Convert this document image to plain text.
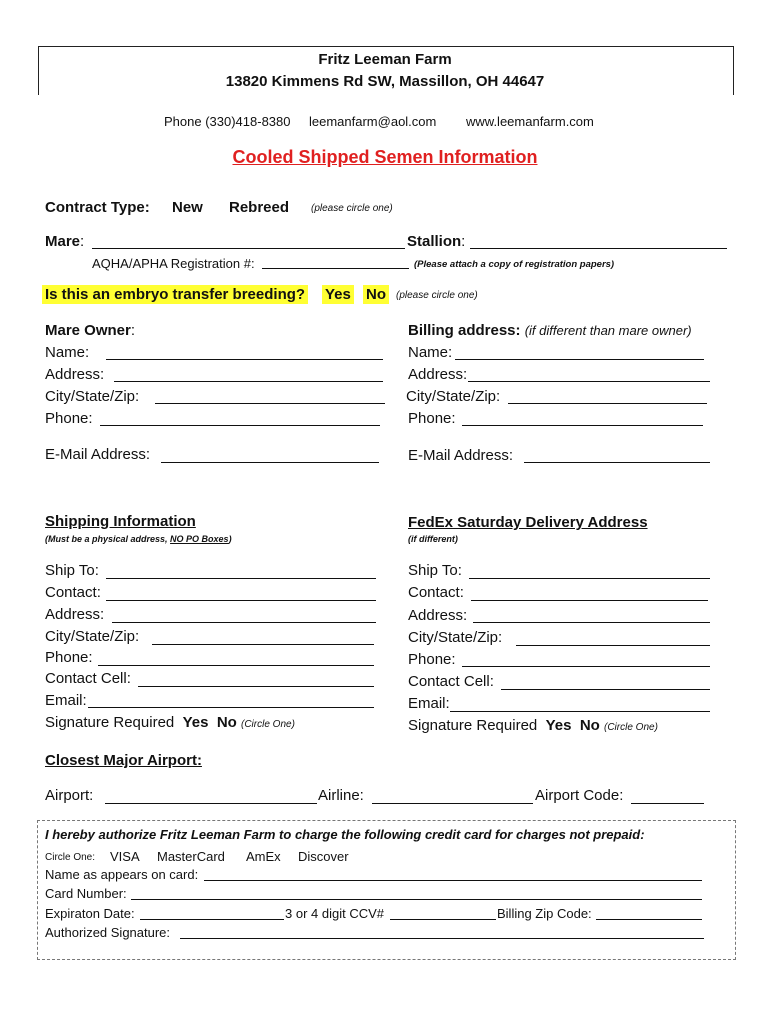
Fritz Leeman Farm
13820 Kimmens Rd SW, Massillon, OH 44647
Phone (330)418-8380 leemanfarm@aol.com www.leemanfarm.com
Cooled Shipped Semen Information
Contract Type: New Rebreed (please circle one)
Mare:	Stallion:
AQHA/APHA Registration #:	(Please attach a copy of registration papers)
Is this an embryo transfer breeding? Yes No	(please circle one)
Mare Owner:
Name:
Address:
City/State/Zip:
Phone:
E-Mail Address:
Billing address: (if different than mare owner)
Name:
Address:
City/State/Zip:
Phone:
E-Mail Address:
Shipping Information
(Must be a physical address, NO PO Boxes)
Ship To:
Contact:
Address:
City/State/Zip:
Phone:
Contact Cell:
Email:
Signature Required Yes No (Circle One)
FedEx Saturday Delivery Address
(if different)
Ship To:
Contact:
Address:
City/State/Zip:
Phone:
Contact Cell:
Email:
Signature Required Yes No (Circle One)
Closest Major Airport:
Airport:	Airline:	Airport Code:
I hereby authorize Fritz Leeman Farm to charge the following credit card for charges not prepaid:
Circle One: VISA MasterCard AmEx Discover
Name as appears on card:
Card Number:
Expiraton Date:	3 or 4 digit CCV#	Billing Zip Code:
Authorized Signature:
